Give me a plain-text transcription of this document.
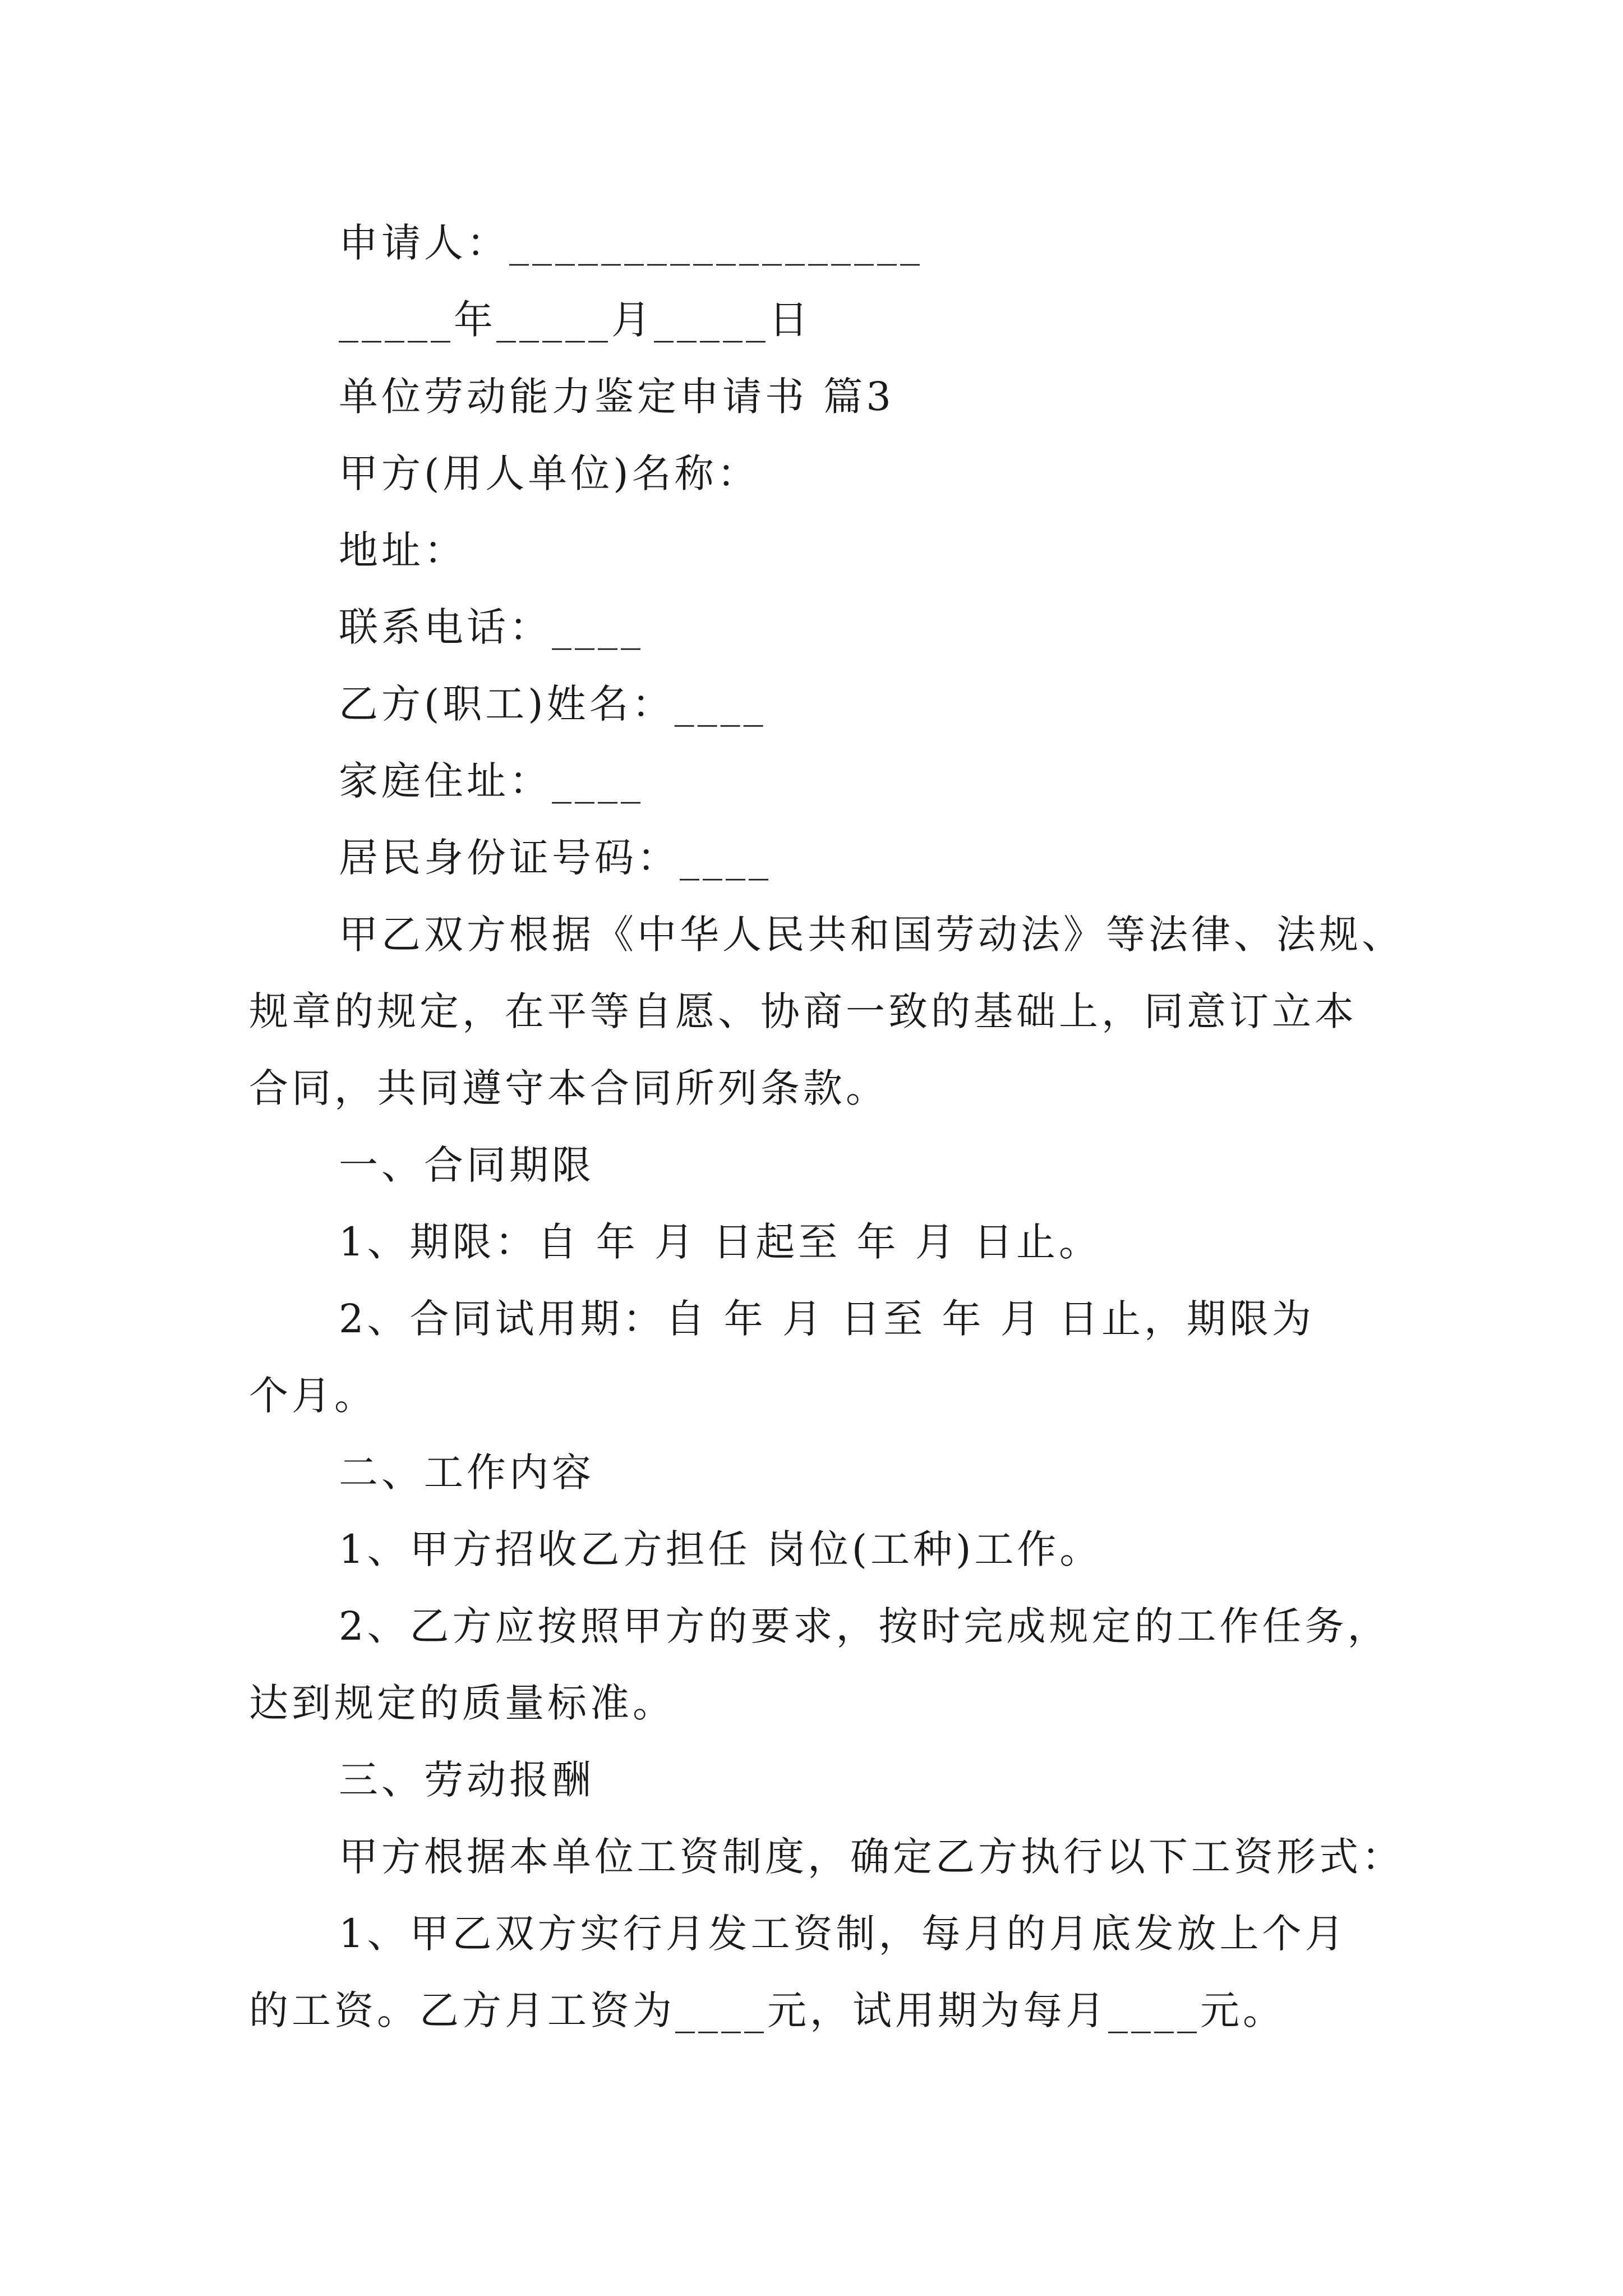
申请人：__________________

_____年_____月_____日

单位劳动能力鉴定申请书 篇3

甲方(用人单位)名称：

地址：

联系电话：____

乙方(职工)姓名：____

家庭住址：____

居民身份证号码：____

甲乙双方根据《中华人民共和国劳动法》等法律、法规、

规章的规定，在平等自愿、协商一致的基础上，同意订立本

合同，共同遵守本合同所列条款。

一、合同期限

1、期限：自 年 月 日起至 年 月 日止。

2、合同试用期：自 年 月 日至 年 月 日止，期限为

个月。

二、工作内容

1、甲方招收乙方担任 岗位(工种)工作。

2、乙方应按照甲方的要求，按时完成规定的工作任务，

达到规定的质量标准。

三、劳动报酬

甲方根据本单位工资制度，确定乙方执行以下工资形式：

1、甲乙双方实行月发工资制，每月的月底发放上个月

的工资。乙方月工资为____元，试用期为每月____元。
